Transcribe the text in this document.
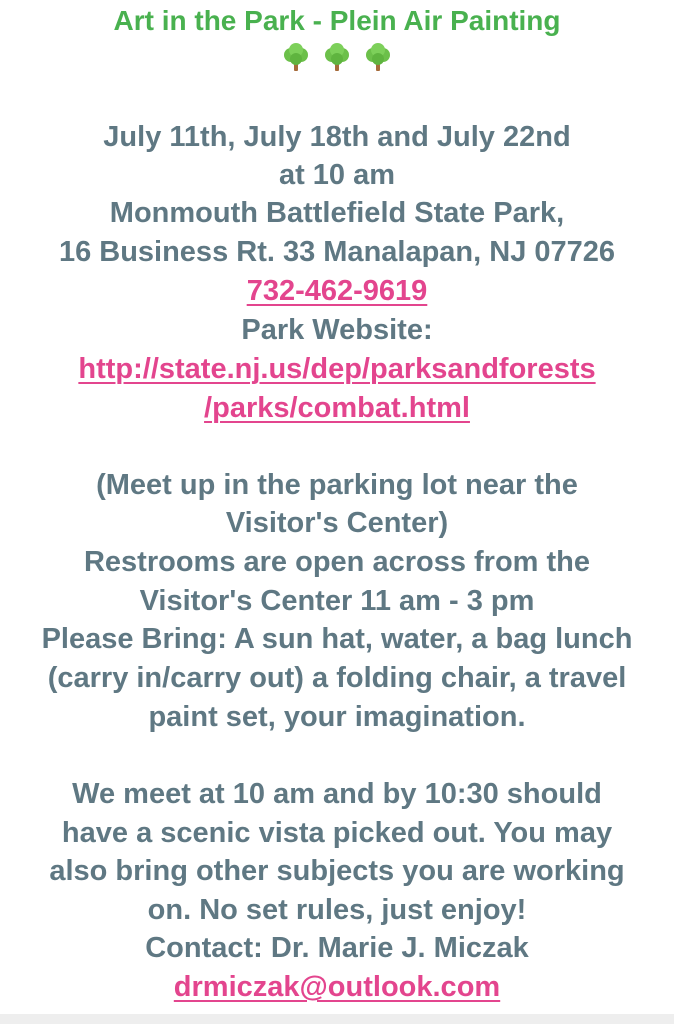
Art in the Park - Plein Air Painting

July 11th, July 18th and July 22nd
at 10 am
Monmouth Battlefield State Park,
16 Business Rt. 33 Manalapan, NJ 07726
732-462-9619
Park Website:
http://state.nj.us/dep/parksandforests
/parks/combat.html
(Meet up in the parking lot near the
Visitor's Center)
Restrooms are open across from the
Visitor's Center 11 am - 3 pm
Please Bring: A sun hat, water, a bag lunch
(carry in/carry out) a folding chair, a travel
paint set, your imagination.
We meet at 10 am and by 10:30 should
have a scenic vista picked out. You may
also bring other subjects you are working
on. No set rules, just enjoy!
Contact: Dr. Marie J. Miczak
drmiczak@outlook.com
